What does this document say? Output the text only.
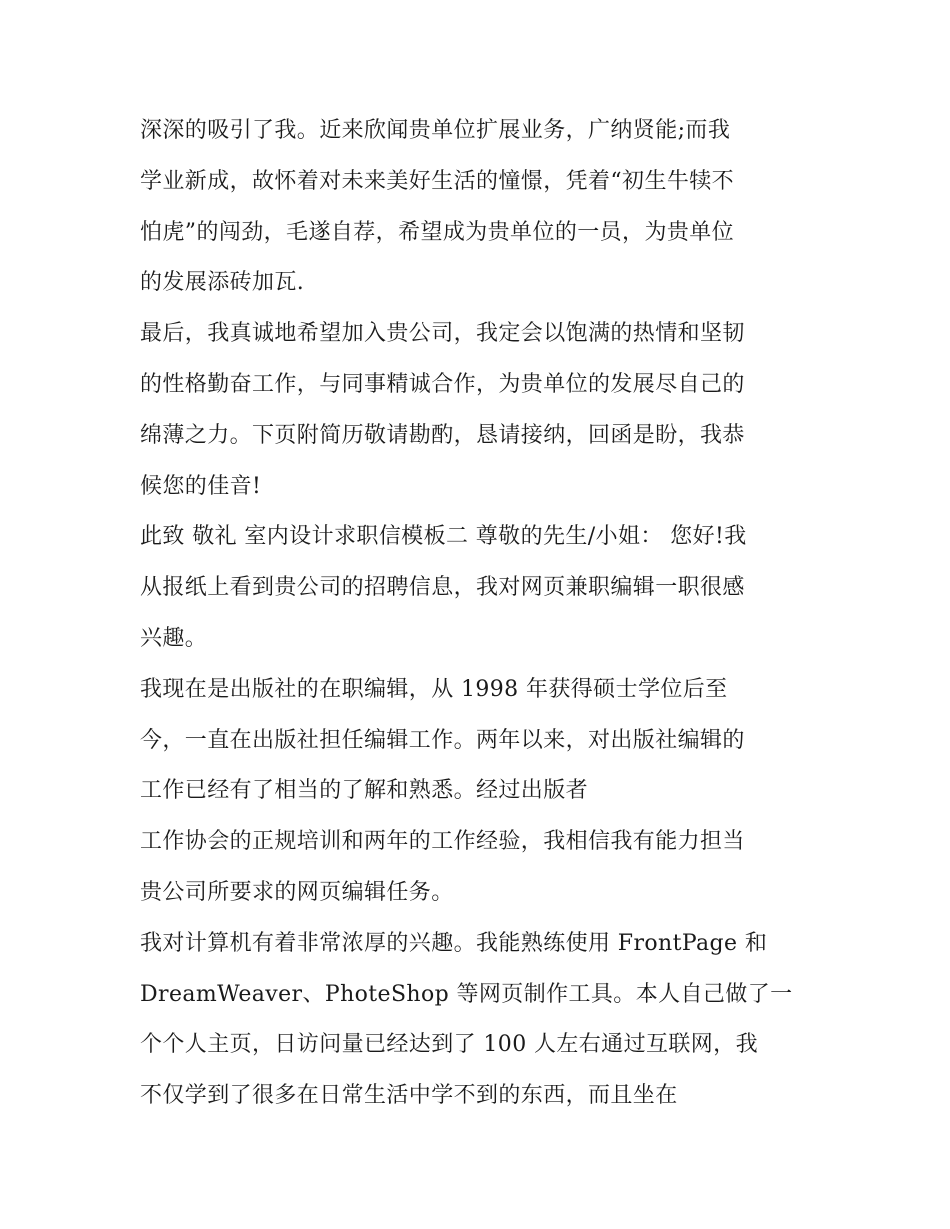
深深的吸引了我。近来欣闻贵单位扩展业务，广纳贤能;而我
学业新成，故怀着对未来美好生活的憧憬，凭着“初生牛犊不
怕虎”的闯劲，毛遂自荐，希望成为贵单位的一员，为贵单位
的发展添砖加瓦.
最后，我真诚地希望加入贵公司，我定会以饱满的热情和坚韧
的性格勤奋工作，与同事精诚合作，为贵单位的发展尽自己的
绵薄之力。下页附简历敬请勘酌，恳请接纳，回函是盼，我恭
候您的佳音!
此致 敬礼 室内设计求职信模板二 尊敬的先生/小姐： 您好!我
从报纸上看到贵公司的招聘信息，我对网页兼职编辑一职很感
兴趣。
我现在是出版社的在职编辑，从 1998 年获得硕士学位后至
今，一直在出版社担任编辑工作。两年以来，对出版社编辑的
工作已经有了相当的了解和熟悉。经过出版者
工作协会的正规培训和两年的工作经验，我相信我有能力担当
贵公司所要求的网页编辑任务。
我对计算机有着非常浓厚的兴趣。我能熟练使用 FrontPage 和
DreamWeaver、PhoteShop 等网页制作工具。本人自己做了一
个个人主页，日访问量已经达到了 100 人左右通过互联网，我
不仅学到了很多在日常生活中学不到的东西，而且坐在
